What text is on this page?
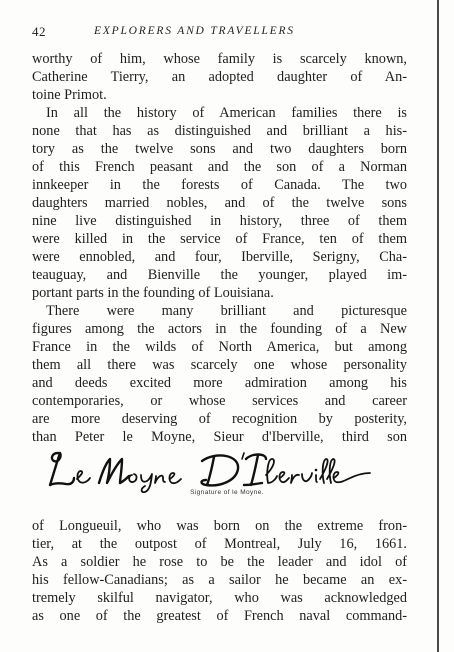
42	EXPLORERS AND TRAVELLERS
worthy of him, whose family is scarcely known,
Catherine Tierry, an adopted daughter of An-
toine Primot.
In all the history of American families there is
none that has as distinguished and brilliant a his-
tory as the twelve sons and two daughters born
of this French peasant and the son of a Norman
innkeeper in the forests of Canada. The two
daughters married nobles, and of the twelve sons
nine live distinguished in history, three of them
were killed in the service of France, ten of them
were ennobled, and four, Iberville, Serigny, Cha-
teauguay, and Bienville the younger, played im-
portant parts in the founding of Louisiana.
There were many brilliant and picturesque
figures among the actors in the founding of a New
France in the wilds of North America, but among
them all there was scarcely one whose personality
and deeds excited more admiration among his
contemporaries, or whose services and career
are more deserving of recognition by posterity,
than Peter le Moyne, Sieur d'Iberville, third son
Signature of le Moyne.
of Longueuil, who was born on the extreme fron-
tier, at the outpost of Montreal, July 16, 1661.
As a soldier he rose to be the leader and idol of
his fellow-Canadians; as a sailor he became an ex-
tremely skilful navigator, who was acknowledged
as one of the greatest of French naval command-
